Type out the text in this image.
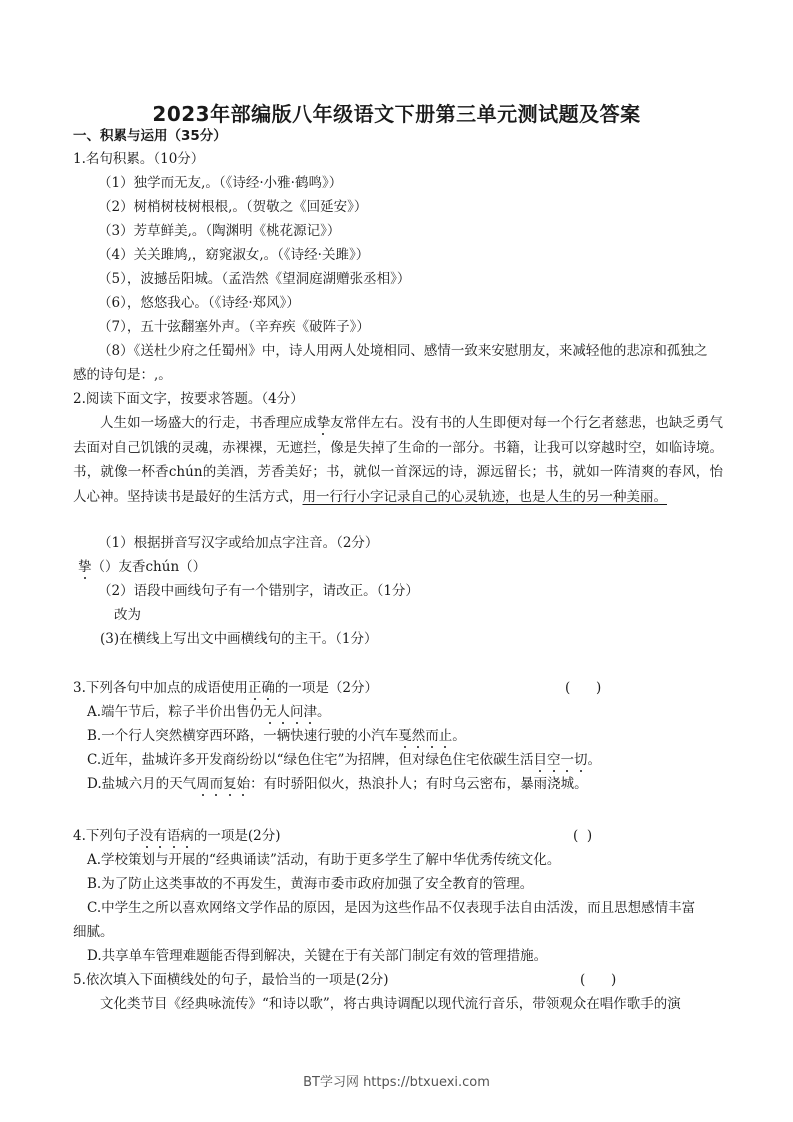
2023年部编版八年级语文下册第三单元测试题及答案
一、积累与运用（35分）
1.名句积累。（10分）
（1）独学而无友,。（《诗经·小雅·鹤鸣》）
（2）树梢树枝树根根,。（贺敬之《回延安》）
（3）芳草鲜美,。（陶渊明《桃花源记》）
（4）关关雎鸠,，窈窕淑女,。（《诗经·关雎》）
（5），波撼岳阳城。（孟浩然《望洞庭湖赠张丞相》）
（6），悠悠我心。（《诗经·郑风》）
（7），五十弦翻塞外声。（辛弃疾《破阵子》）
（8）《送杜少府之任蜀州》中，诗人用两人处境相同、感情一致来安慰朋友，来减轻他的悲凉和孤独之
感的诗句是：,。
2.阅读下面文字，按要求答题。（4分）
人生如一场盛大的行走，书香理应成挚友常伴左右。没有书的人生即便对每一个行乞者慈悲，也缺乏勇气去面对自己饥饿的灵魂，赤裸裸，无遮拦，像是失掉了生命的一部分。书籍，让我可以穿越时空，如临诗境。书，就像一杯香chún的美酒，芳香美好；书，就似一首深远的诗，源远留长；书，就如一阵清爽的春风，怡人心神。坚持读书是最好的生活方式，用一行行小字记录自己的心灵轨迹，也是人生的另一种美丽。
（1）根据拼音写汉字或给加点字注音。（2分）
挚（）友香chún（）
（2）语段中画线句子有一个错别字，请改正。（1分）
改为
(3)在横线上写出文中画横线句的主干。（1分）
3.下列各句中加点的成语使用正确的一项是（2分）	(      )
A.端午节后，粽子半价出售仍无人问津。
B.一个行人突然横穿西环路，一辆快速行驶的小汽车戛然而止。
C.近年，盐城许多开发商纷纷以“绿色住宅”为招牌，但对绿色住宅依碳生活目空一切。
D.盐城六月的天气周而复始：有时骄阳似火，热浪扑人；有时乌云密布，暴雨浇城。
4.下列句子没有语病的一项是(2分)	(  )
A.学校策划与开展的“经典诵读”活动，有助于更多学生了解中华优秀传统文化。
B.为了防止这类事故的不再发生，黄海市委市政府加强了安全教育的管理。
C.中学生之所以喜欢网络文学作品的原因，是因为这些作品不仅表现手法自由活泼，而且思想感情丰富
细腻。
D.共享单车管理难题能否得到解决，关键在于有关部门制定有效的管理措施。
5.依次填入下面横线处的句子，最恰当的一项是(2分)	(      )
文化类节目《经典咏流传》“和诗以歌”，将古典诗调配以现代流行音乐，带领观众在唱作歌手的演
BT学习网 https://btxuexi.com
